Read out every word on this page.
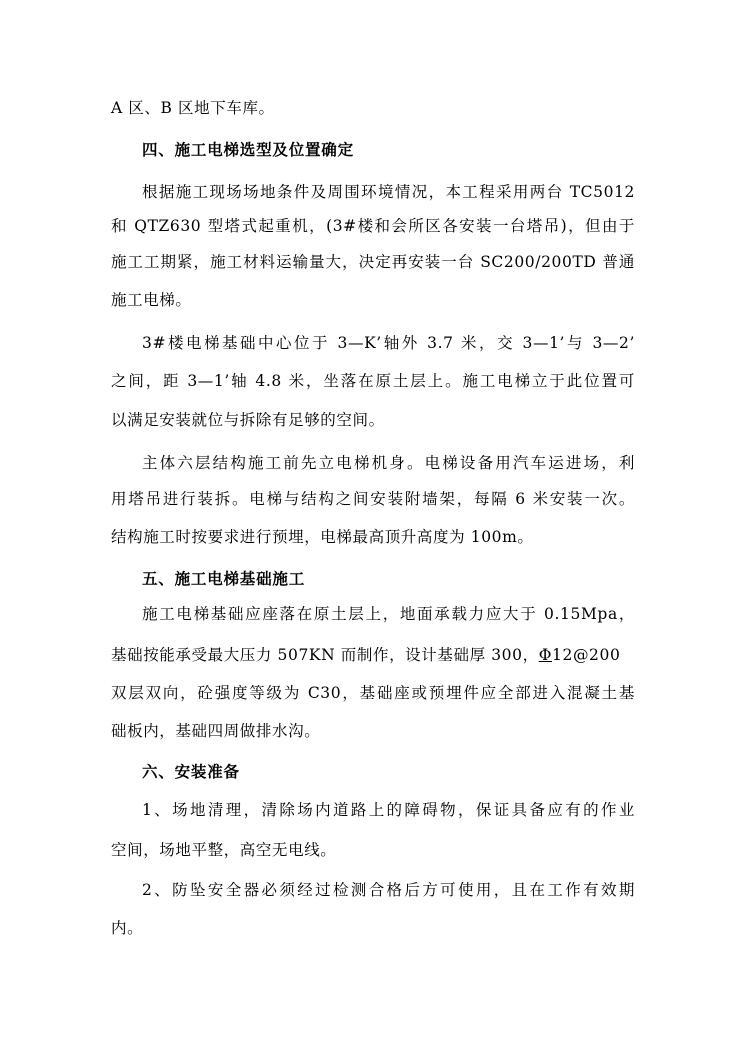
A 区、B 区地下车库。
四、施工电梯选型及位置确定
根据施工现场场地条件及周围环境情况，本工程采用两台 TC5012
和 QTZ630 型塔式起重机，(3#楼和会所区各安装一台塔吊)，但由于
施工工期紧，施工材料运输量大，决定再安装一台 SC200/200TD 普通
施工电梯。
3#楼电梯基础中心位于 3—K’轴外 3.7 米，交 3—1’与 3—2’
之间，距 3—1’轴 4.8 米，坐落在原土层上。施工电梯立于此位置可
以满足安装就位与拆除有足够的空间。
主体六层结构施工前先立电梯机身。电梯设备用汽车运进场，利
用塔吊进行装拆。电梯与结构之间安装附墙架，每隔 6 米安装一次。
结构施工时按要求进行预埋，电梯最高顶升高度为 100m。
五、施工电梯基础施工
施工电梯基础应座落在原土层上，地面承载力应大于 0.15Mpa，
基础按能承受最大压力 507KN 而制作，设计基础厚 300，Φ12@200
双层双向，砼强度等级为 C30，基础座或预埋件应全部进入混凝土基
础板内，基础四周做排水沟。
六、安装准备
1、场地清理，清除场内道路上的障碍物，保证具备应有的作业
空间，场地平整，高空无电线。
2、防坠安全器必须经过检测合格后方可使用，且在工作有效期
内。
